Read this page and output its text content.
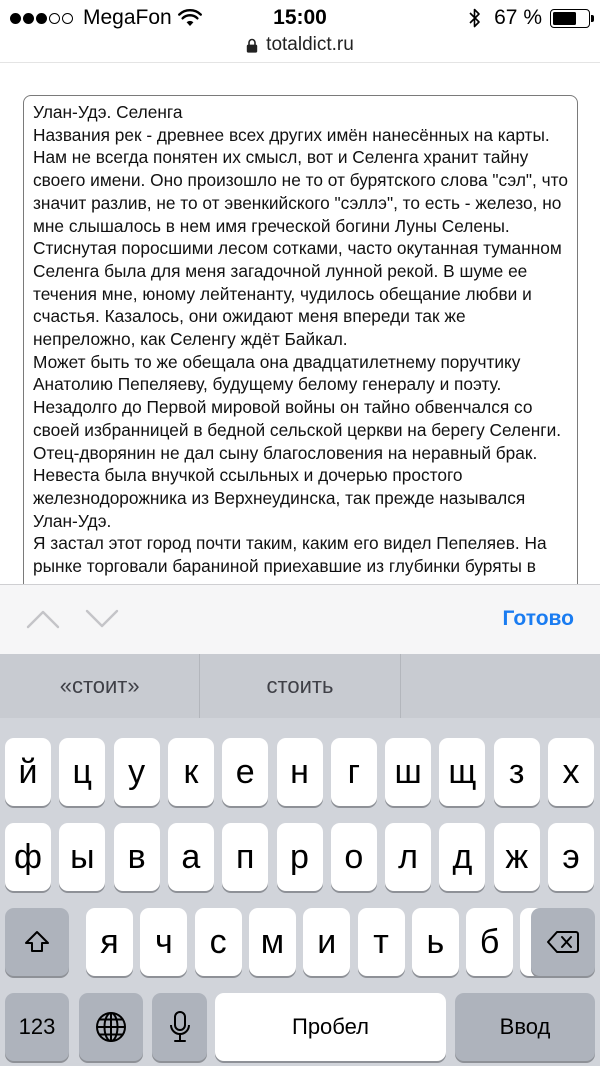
MegaFon	15:00	67 %
totaldict.ru

Улан-Удэ. Селенга

Названия рек - древнее всех других имён нанесённых на карты. Нам не всегда понятен их смысл, вот и Селенга хранит тайну своего имени. Оно произошло не то от бурятского слова "сэл", что значит разлив, не то от эвенкийского "сэллэ", то есть - железо, но мне слышалось в нем имя греческой богини Луны Селены.

Стиснутая поросшими лесом сотками, часто окутанная туманном Селенга была для меня загадочной лунной рекой. В шуме ее течения мне, юному лейтенанту, чудилось обещание любви и счастья. Казалось, они ожидают меня впереди так же непреложно, как Селенгу ждёт Байкал.

Может быть то же обещала она двадцатилетнему поручтику Анатолию Пепеляеву, будущему белому генералу и поэту. Незадолго до Первой мировой войны он тайно обвенчался со своей избранницей в бедной сельской церкви на берегу Селенги. Отец-дворянин не дал сыну благословения на неравный брак. Невеста была внучкой ссыльных и дочерью простого железнодорожника из Верхнеудинска, так прежде назывался Улан-Удэ.

Я застал этот город почти таким, каким его видел Пепеляев. На рынке торговали бараниной приехавшие из глубинки буряты в

Готово
«стоит»	стоить
й	ц	у	к	е	н	г	ш щ з	х
ф ы в	а	п	р	о	л	д ж	э
я	ч	с	м и	т	ь	б
123	Пробел	Ввод
